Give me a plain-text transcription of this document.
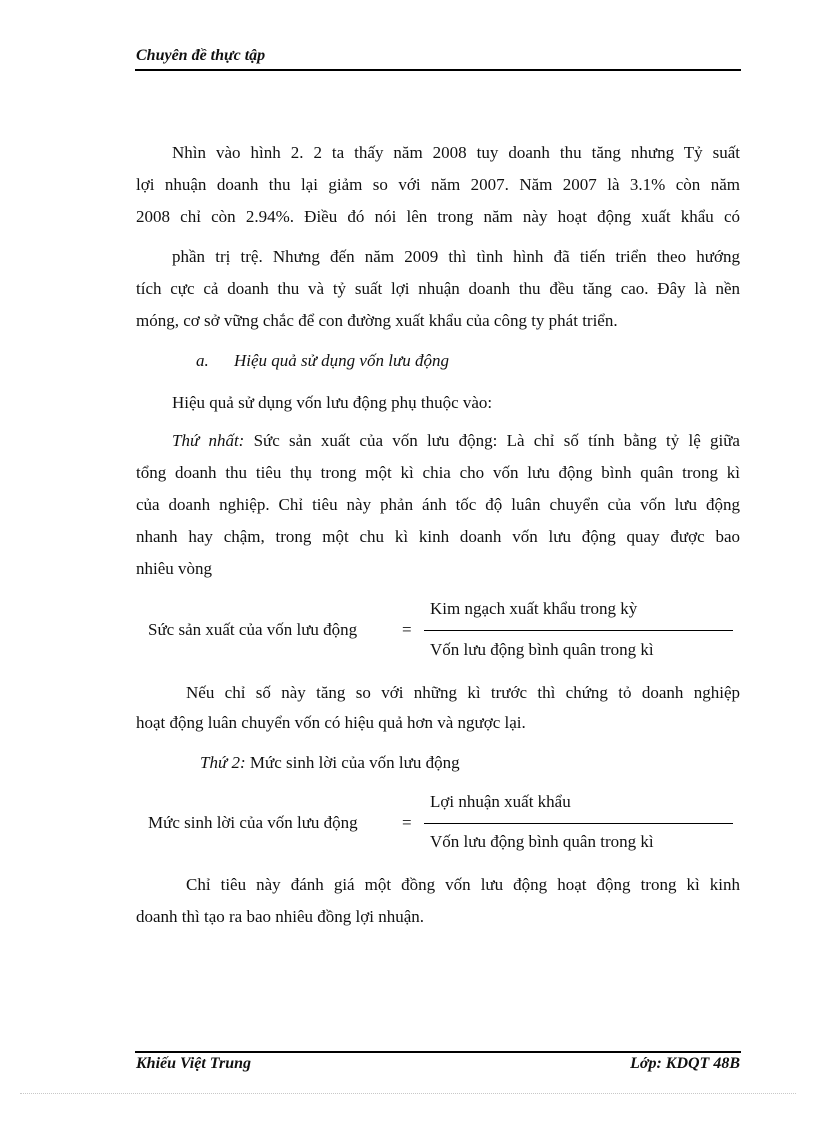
Chuyên đề thực tập
Nhìn vào hình 2. 2 ta thấy năm 2008 tuy doanh thu tăng nhưng Tỷ suất
lợi nhuận doanh thu lại giảm so với năm 2007. Năm 2007 là 3.1% còn năm
2008 chỉ còn 2.94%. Điều đó nói lên trong năm này hoạt động xuất khẩu có
phần trị trệ. Nhưng đến năm 2009 thì tình hình đã tiến triển theo hướng
tích cực cả doanh thu và tỷ suất lợi nhuận doanh thu đều tăng cao. Đây là nền
móng, cơ sở vững chắc để con đường xuất khẩu của công ty phát triển.
a. Hiệu quả sử dụng vốn lưu động
Hiệu quả sử dụng vốn lưu động phụ thuộc vào:
Thứ nhất: Sức sản xuất của vốn lưu động: Là chỉ số tính bằng tỷ lệ giữa
tổng doanh thu tiêu thụ trong một kì chia cho vốn lưu động bình quân trong kì
của doanh nghiệp. Chỉ tiêu này phản ánh tốc độ luân chuyển của vốn lưu động
nhanh hay chậm, trong một chu kì kinh doanh vốn lưu động quay được bao
nhiêu vòng
Kim ngạch xuất khẩu trong kỳ
Sức sản xuất của vốn lưu động	=
Vốn lưu động bình quân trong kì
Nếu chỉ số này tăng so với những kì trước thì chứng tỏ doanh nghiệp
hoạt động luân chuyển vốn có hiệu quả hơn và ngược lại.
Thứ 2: Mức sinh lời của vốn lưu động
Lợi nhuận xuất khẩu
Mức sinh lời của vốn lưu động	=
Vốn lưu động bình quân trong kì
Chỉ tiêu này đánh giá một đồng vốn lưu động hoạt động trong kì kinh
doanh thì tạo ra bao nhiêu đồng lợi nhuận.
Khiếu Việt Trung	Lớp: KDQT 48B
